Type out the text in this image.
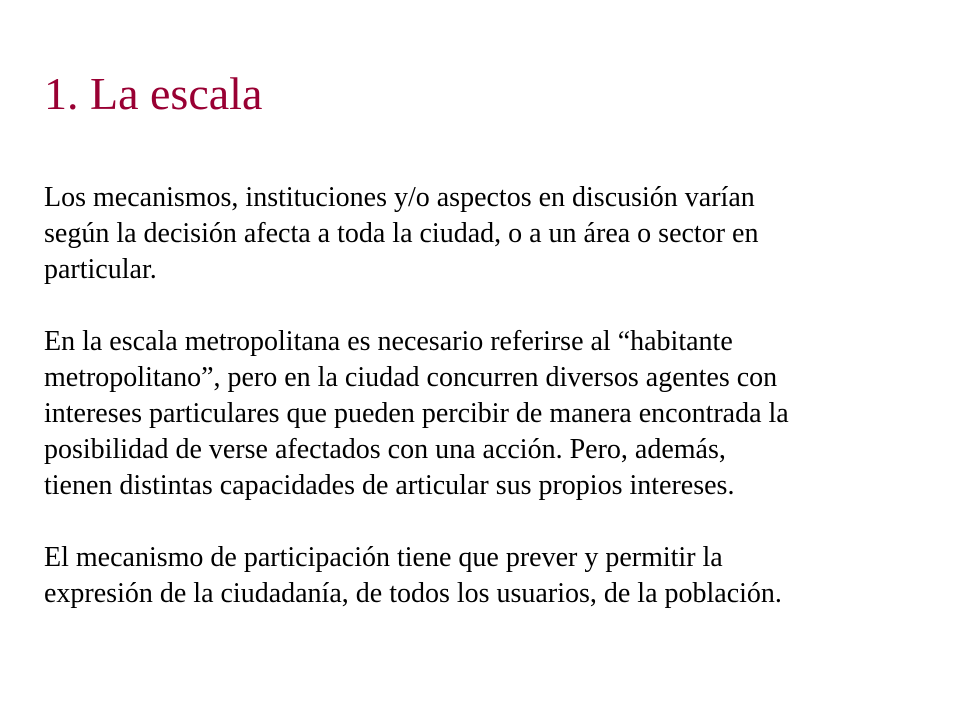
1. La escala

Los mecanismos, instituciones y/o aspectos en discusión varían
según la decisión afecta a toda la ciudad, o a un área o sector en
particular.

En la escala metropolitana es necesario referirse al “habitante
metropolitano”, pero en la ciudad concurren diversos agentes con
intereses particulares que pueden percibir de manera encontrada la
posibilidad de verse afectados con una acción. Pero, además,
tienen distintas capacidades de articular sus propios intereses.

El mecanismo de participación tiene que prever y permitir la
expresión de la ciudadanía, de todos los usuarios, de la población.
